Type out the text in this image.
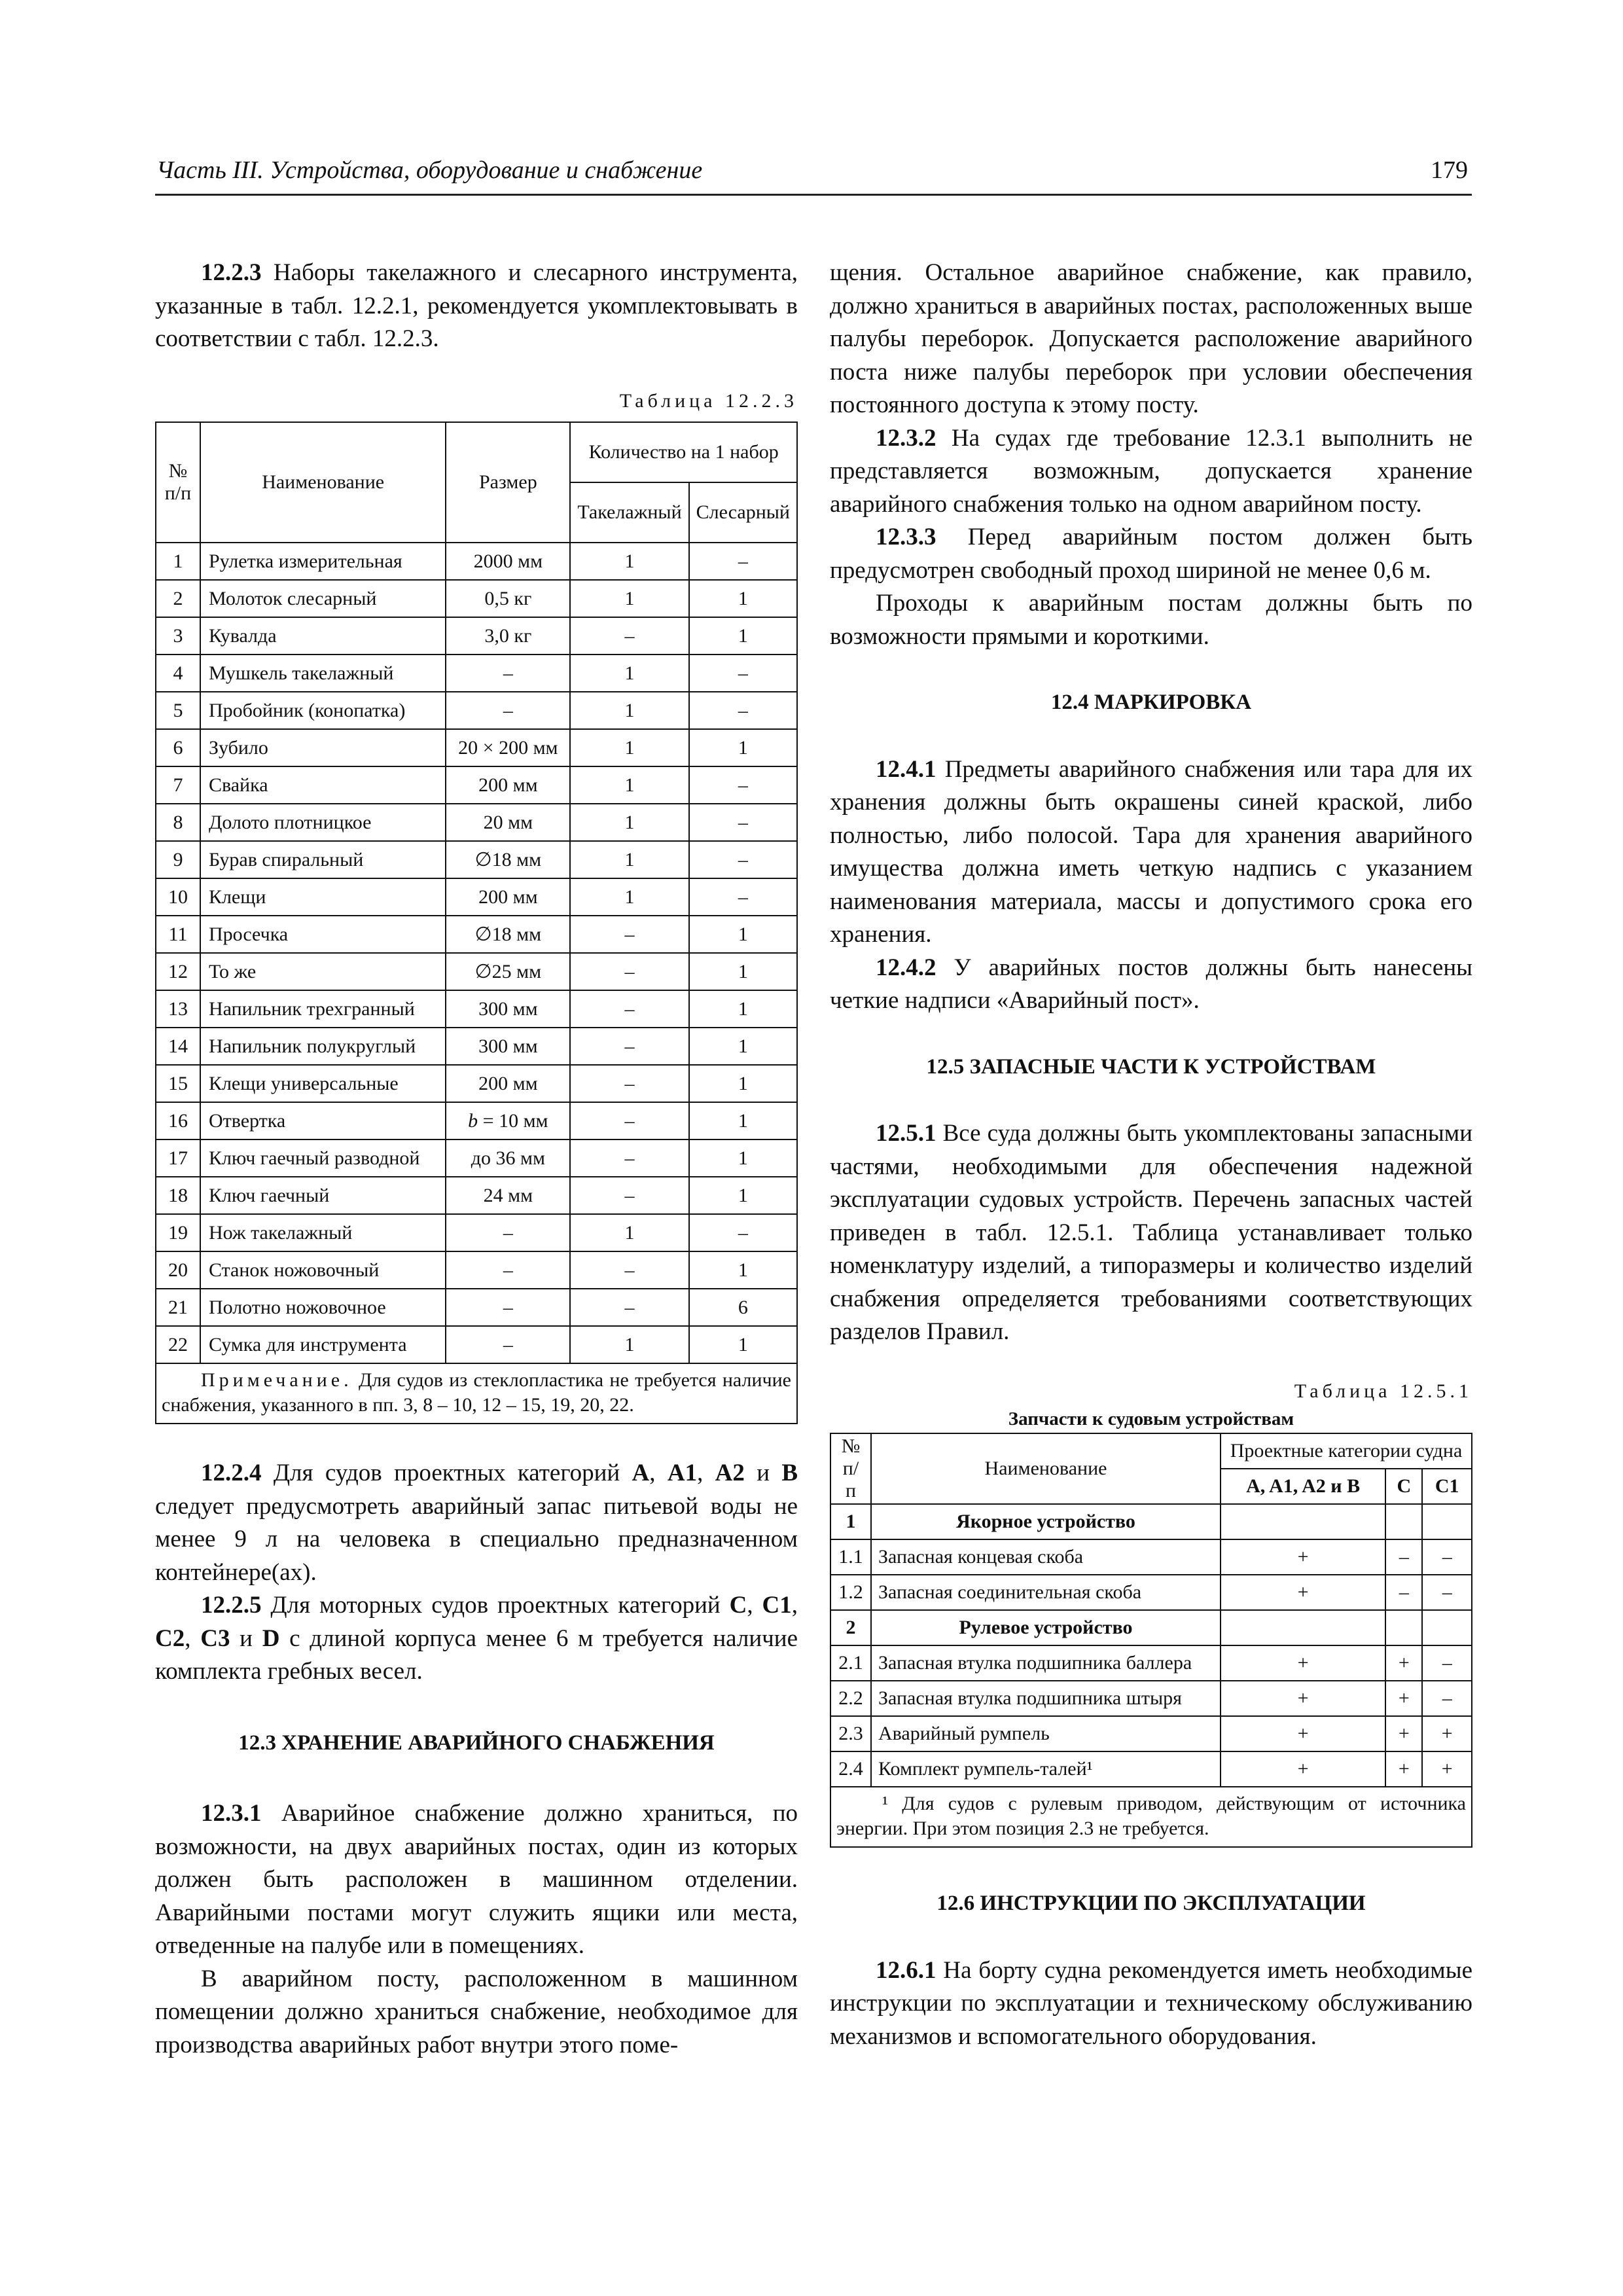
Часть III. Устройства, оборудование и снабжение	179

12.2.3 Наборы такелажного и слесарного инструмента, указанные в табл. 12.2.1, рекомендуется укомплектовывать в соответствии с табл. 12.2.3.

Таблица 12.2.3
№ п/п	Наименование	Размер	Количество на 1 набор	
			Такелажный	Слесарный
1	Рулетка измерительная	2000 мм	1	–
2	Молоток слесарный	0,5 кг	1	1
3	Кувалда	3,0 кг	–	1
4	Мушкель такелажный	–	1	–
5	Пробойник (конопатка)	–	1	–
6	Зубило	20 × 200 мм	1	1
7	Свайка	200 мм	1	–
8	Долото плотницкое	20 мм	1	–
9	Бурав спиральный	∅18 мм	1	–
10	Клещи	200 мм	1	–
11	Просечка	∅18 мм	–	1
12	То же	∅25 мм	–	1
13	Напильник трехгранный	300 мм	–	1
14	Напильник полукруглый	300 мм	–	1
15	Клещи универсальные	200 мм	–	1
16	Отвертка	b = 10 мм	–	1
17	Ключ гаечный разводной	до 36 мм	–	1
18	Ключ гаечный	24 мм	–	1
19	Нож такелажный	–	1	–
20	Станок ножовочный	–	–	1
21	Полотно ножовочное	–	–	6
22	Сумка для инструмента	–	1	1
Примечание. Для судов из стеклопластика не требуется наличие снабжения, указанного в пп. 3, 8 – 10, 12 – 15, 19, 20, 22.				

12.2.4 Для судов проектных категорий A, A1, A2 и B следует предусмотреть аварийный запас питьевой воды не менее 9 л на человека в специально предназначенном контейнере(ах).

12.2.5 Для моторных судов проектных категорий C, C1, C2, C3 и D с длиной корпуса менее 6 м требуется наличие комплекта гребных весел.

12.3 ХРАНЕНИЕ АВАРИЙНОГО СНАБЖЕНИЯ

12.3.1 Аварийное снабжение должно храниться, по возможности, на двух аварийных постах, один из которых должен быть расположен в машинном отделении. Аварийными постами могут служить ящики или места, отведенные на палубе или в помещениях.

В аварийном посту, расположенном в машинном помещении должно храниться снабжение, необходимое для производства аварийных работ внутри этого поме-

щения. Остальное аварийное снабжение, как правило, должно храниться в аварийных постах, расположенных выше палубы переборок. Допускается расположение аварийного поста ниже палубы переборок при условии обеспечения постоянного доступа к этому посту.

12.3.2 На судах где требование 12.3.1 выполнить не представляется возможным, допускается хранение аварийного снабжения только на одном аварийном посту.

12.3.3 Перед аварийным постом должен быть предусмотрен свободный проход шириной не менее 0,6 м.

Проходы к аварийным постам должны быть по возможности прямыми и короткими.

12.4 МАРКИРОВКА

12.4.1 Предметы аварийного снабжения или тара для их хранения должны быть окрашены синей краской, либо полностью, либо полосой. Тара для хранения аварийного имущества должна иметь четкую надпись с указанием наименования материала, массы и допустимого срока его хранения.

12.4.2 У аварийных постов должны быть нанесены четкие надписи «Аварийный пост».

12.5 ЗАПАСНЫЕ ЧАСТИ К УСТРОЙСТВАМ

12.5.1 Все суда должны быть укомплектованы запасными частями, необходимыми для обеспечения надежной эксплуатации судовых устройств. Перечень запасных частей приведен в табл. 12.5.1. Таблица устанавливает только номенклатуру изделий, а типоразмеры и количество изделий снабжения определяется требованиями соответствующих разделов Правил.

Таблица 12.5.1
Запчасти к судовым устройствам
№ п/п	Наименование	Проектные категории судна		
		A, A1, A2 и B	C	C1
1	Якорное устройство			
1.1	Запасная концевая скоба	+	–	–
1.2	Запасная соединительная скоба	+	–	–
2	Рулевое устройство			
2.1	Запасная втулка подшипника баллера	+	+	–
2.2	Запасная втулка подшипника штыря	+	+	–
2.3	Аварийный румпель	+	+	+
2.4	Комплект румпель-талей¹	+	+	+
¹ Для судов с рулевым приводом, действующим от источника энергии. При этом позиция 2.3 не требуется.				
12.6 ИНСТРУКЦИИ ПО ЭКСПЛУАТАЦИИ

12.6.1 На борту судна рекомендуется иметь необходимые инструкции по эксплуатации и техническому обслуживанию механизмов и вспомогательного оборудования.
